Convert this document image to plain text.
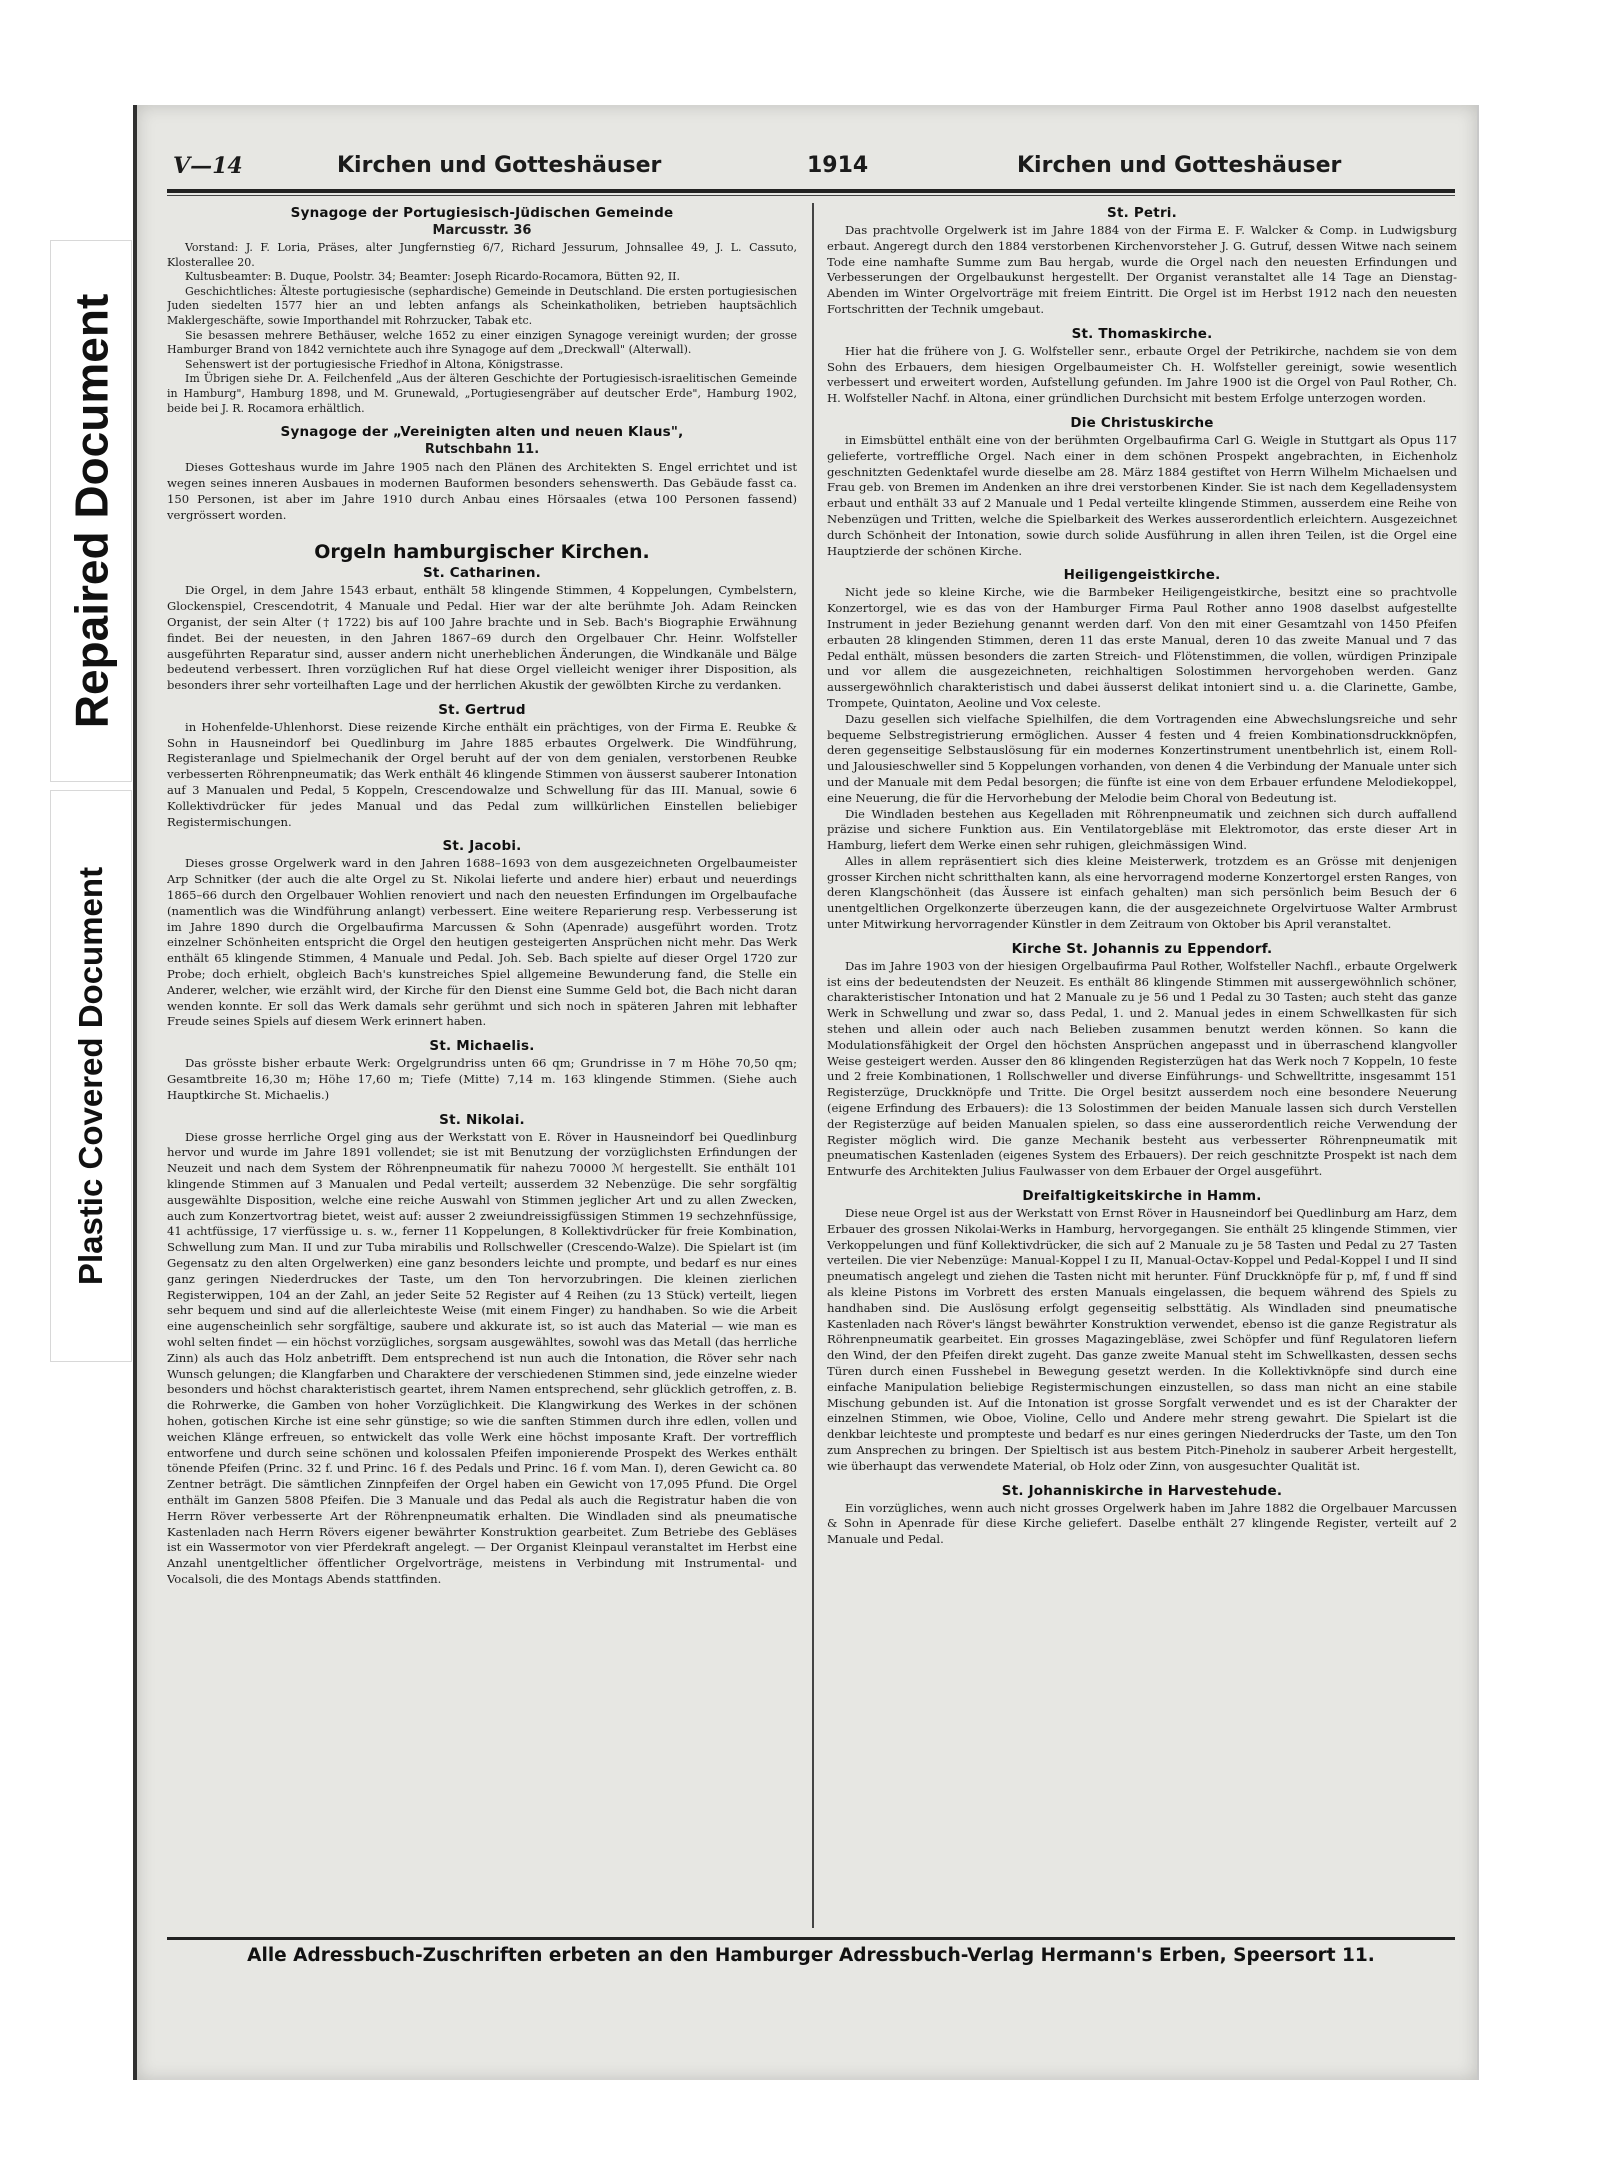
Repaired Document
Plastic Covered Document
V—14	Kirchen und Gotteshäuser	1914	Kirchen und Gotteshäuser
Synagoge der Portugiesisch-Jüdischen Gemeinde
Marcusstr. 36

Vorstand: J. F. Loria, Präses, alter Jungfernstieg 6/7, Richard Jessurum, Johnsallee 49, J. L. Cassuto, Klosterallee 20.

Kultusbeamter: B. Duque, Poolstr. 34; Beamter: Joseph Ricardo-Rocamora, Bütten 92, II.

Geschichtliches: Älteste portugiesische (sephardische) Gemeinde in Deutschland. Die ersten portugiesischen Juden siedelten 1577 hier an und lebten anfangs als Scheinkatholiken, betrieben hauptsächlich Maklergeschäfte, sowie Importhandel mit Rohrzucker, Tabak etc.

Sie besassen mehrere Bethäuser, welche 1652 zu einer einzigen Synagoge vereinigt wurden; der grosse Hamburger Brand von 1842 vernichtete auch ihre Synagoge auf dem „Dreckwall" (Alterwall).

Sehenswert ist der portugiesische Friedhof in Altona, Königstrasse.

Im Übrigen siehe Dr. A. Feilchenfeld „Aus der älteren Geschichte der Portugiesisch-israelitischen Gemeinde in Hamburg", Hamburg 1898, und M. Grunewald, „Portugiesengräber auf deutscher Erde", Hamburg 1902, beide bei J. R. Rocamora erhältlich.

Synagoge der „Vereinigten alten und neuen Klaus",
Rutschbahn 11.

Dieses Gotteshaus wurde im Jahre 1905 nach den Plänen des Architekten S. Engel errichtet und ist wegen seines inneren Ausbaues in modernen Bauformen besonders sehenswerth. Das Gebäude fasst ca. 150 Personen, ist aber im Jahre 1910 durch Anbau eines Hörsaales (etwa 100 Personen fassend) vergrössert worden.

Orgeln hamburgischer Kirchen.
St. Catharinen.

Die Orgel, in dem Jahre 1543 erbaut, enthält 58 klingende Stimmen, 4 Koppelungen, Cymbelstern, Glockenspiel, Crescendotrit, 4 Manuale und Pedal. Hier war der alte berühmte Joh. Adam Reincken Organist, der sein Alter († 1722) bis auf 100 Jahre brachte und in Seb. Bach's Biographie Erwähnung findet. Bei der neuesten, in den Jahren 1867–69 durch den Orgelbauer Chr. Heinr. Wolfsteller ausgeführten Reparatur sind, ausser andern nicht unerheblichen Änderungen, die Windkanäle und Bälge bedeutend verbessert. Ihren vorzüglichen Ruf hat diese Orgel vielleicht weniger ihrer Disposition, als besonders ihrer sehr vorteilhaften Lage und der herrlichen Akustik der gewölbten Kirche zu verdanken.

St. Gertrud

in Hohenfelde-Uhlenhorst. Diese reizende Kirche enthält ein prächtiges, von der Firma E. Reubke & Sohn in Hausneindorf bei Quedlinburg im Jahre 1885 erbautes Orgelwerk. Die Windführung, Registeranlage und Spielmechanik der Orgel beruht auf der von dem genialen, verstorbenen Reubke verbesserten Röhrenpneumatik; das Werk enthält 46 klingende Stimmen von äusserst sauberer Intonation auf 3 Manualen und Pedal, 5 Koppeln, Crescendowalze und Schwellung für das III. Manual, sowie 6 Kollektivdrücker für jedes Manual und das Pedal zum willkürlichen Einstellen beliebiger Registermischungen.

St. Jacobi.

Dieses grosse Orgelwerk ward in den Jahren 1688–1693 von dem ausgezeichneten Orgelbaumeister Arp Schnitker (der auch die alte Orgel zu St. Nikolai lieferte und andere hier) erbaut und neuerdings 1865–66 durch den Orgelbauer Wohlien renoviert und nach den neuesten Erfindungen im Orgelbaufache (namentlich was die Windführung anlangt) verbessert. Eine weitere Reparierung resp. Verbesserung ist im Jahre 1890 durch die Orgelbaufirma Marcussen & Sohn (Apenrade) ausgeführt worden. Trotz einzelner Schönheiten entspricht die Orgel den heutigen gesteigerten Ansprüchen nicht mehr. Das Werk enthält 65 klingende Stimmen, 4 Manuale und Pedal. Joh. Seb. Bach spielte auf dieser Orgel 1720 zur Probe; doch erhielt, obgleich Bach's kunstreiches Spiel allgemeine Bewunderung fand, die Stelle ein Anderer, welcher, wie erzählt wird, der Kirche für den Dienst eine Summe Geld bot, die Bach nicht daran wenden konnte. Er soll das Werk damals sehr gerühmt und sich noch in späteren Jahren mit lebhafter Freude seines Spiels auf diesem Werk erinnert haben.

St. Michaelis.

Das grösste bisher erbaute Werk: Orgelgrundriss unten 66 qm; Grundrisse in 7 m Höhe 70,50 qm; Gesamtbreite 16,30 m; Höhe 17,60 m; Tiefe (Mitte) 7,14 m. 163 klingende Stimmen. (Siehe auch Hauptkirche St. Michaelis.)

St. Nikolai.

Diese grosse herrliche Orgel ging aus der Werkstatt von E. Röver in Hausneindorf bei Quedlinburg hervor und wurde im Jahre 1891 vollendet; sie ist mit Benutzung der vorzüglichsten Erfindungen der Neuzeit und nach dem System der Röhrenpneumatik für nahezu 70000 ℳ hergestellt. Sie enthält 101 klingende Stimmen auf 3 Manualen und Pedal verteilt; ausserdem 32 Nebenzüge. Die sehr sorgfältig ausgewählte Disposition, welche eine reiche Auswahl von Stimmen jeglicher Art und zu allen Zwecken, auch zum Konzertvortrag bietet, weist auf: ausser 2 zweiundreissigfüssigen Stimmen 19 sechzehnfüssige, 41 achtfüssige, 17 vierfüssige u. s. w., ferner 11 Koppelungen, 8 Kollektivdrücker für freie Kombination, Schwellung zum Man. II und zur Tuba mirabilis und Rollschweller (Crescendo-Walze). Die Spielart ist (im Gegensatz zu den alten Orgelwerken) eine ganz besonders leichte und prompte, und bedarf es nur eines ganz geringen Niederdruckes der Taste, um den Ton hervorzubringen. Die kleinen zierlichen Registerwippen, 104 an der Zahl, an jeder Seite 52 Register auf 4 Reihen (zu 13 Stück) verteilt, liegen sehr bequem und sind auf die allerleichteste Weise (mit einem Finger) zu handhaben. So wie die Arbeit eine augenscheinlich sehr sorgfältige, saubere und akkurate ist, so ist auch das Material — wie man es wohl selten findet — ein höchst vorzügliches, sorgsam ausgewähltes, sowohl was das Metall (das herrliche Zinn) als auch das Holz anbetrifft. Dem entsprechend ist nun auch die Intonation, die Röver sehr nach Wunsch gelungen; die Klangfarben und Charaktere der verschiedenen Stimmen sind, jede einzelne wieder besonders und höchst charakteristisch geartet, ihrem Namen entsprechend, sehr glücklich getroffen, z. B. die Rohrwerke, die Gamben von hoher Vorzüglichkeit. Die Klangwirkung des Werkes in der schönen hohen, gotischen Kirche ist eine sehr günstige; so wie die sanften Stimmen durch ihre edlen, vollen und weichen Klänge erfreuen, so entwickelt das volle Werk eine höchst imposante Kraft. Der vortrefflich entworfene und durch seine schönen und kolossalen Pfeifen imponierende Prospekt des Werkes enthält tönende Pfeifen (Princ. 32 f. und Princ. 16 f. des Pedals und Princ. 16 f. vom Man. I), deren Gewicht ca. 80 Zentner beträgt. Die sämtlichen Zinnpfeifen der Orgel haben ein Gewicht von 17,095 Pfund. Die Orgel enthält im Ganzen 5808 Pfeifen. Die 3 Manuale und das Pedal als auch die Registratur haben die von Herrn Röver verbesserte Art der Röhrenpneumatik erhalten. Die Windladen sind als pneumatische Kastenladen nach Herrn Rövers eigener bewährter Konstruktion gearbeitet. Zum Betriebe des Gebläses ist ein Wassermotor von vier Pferdekraft angelegt. — Der Organist Kleinpaul veranstaltet im Herbst eine Anzahl unentgeltlicher öffentlicher Orgelvorträge, meistens in Verbindung mit Instrumental- und Vocalsoli, die des Montags Abends stattfinden.

St. Petri.

Das prachtvolle Orgelwerk ist im Jahre 1884 von der Firma E. F. Walcker & Comp. in Ludwigsburg erbaut. Angeregt durch den 1884 verstorbenen Kirchenvorsteher J. G. Gutruf, dessen Witwe nach seinem Tode eine namhafte Summe zum Bau hergab, wurde die Orgel nach den neuesten Erfindungen und Verbesserungen der Orgelbaukunst hergestellt. Der Organist veranstaltet alle 14 Tage an Dienstag-Abenden im Winter Orgelvorträge mit freiem Eintritt. Die Orgel ist im Herbst 1912 nach den neuesten Fortschritten der Technik umgebaut.

St. Thomaskirche.

Hier hat die frühere von J. G. Wolfsteller senr., erbaute Orgel der Petrikirche, nachdem sie von dem Sohn des Erbauers, dem hiesigen Orgelbaumeister Ch. H. Wolfsteller gereinigt, sowie wesentlich verbessert und erweitert worden, Aufstellung gefunden. Im Jahre 1900 ist die Orgel von Paul Rother, Ch. H. Wolfsteller Nachf. in Altona, einer gründlichen Durchsicht mit bestem Erfolge unterzogen worden.

Die Christuskirche

in Eimsbüttel enthält eine von der berühmten Orgelbaufirma Carl G. Weigle in Stuttgart als Opus 117 gelieferte, vortreffliche Orgel. Nach einer in dem schönen Prospekt angebrachten, in Eichenholz geschnitzten Gedenktafel wurde dieselbe am 28. März 1884 gestiftet von Herrn Wilhelm Michaelsen und Frau geb. von Bremen im Andenken an ihre drei verstorbenen Kinder. Sie ist nach dem Kegelladensystem erbaut und enthält 33 auf 2 Manuale und 1 Pedal verteilte klingende Stimmen, ausserdem eine Reihe von Nebenzügen und Tritten, welche die Spielbarkeit des Werkes ausserordentlich erleichtern. Ausgezeichnet durch Schönheit der Intonation, sowie durch solide Ausführung in allen ihren Teilen, ist die Orgel eine Hauptzierde der schönen Kirche.

Heiligengeistkirche.

Nicht jede so kleine Kirche, wie die Barmbeker Heiligengeistkirche, besitzt eine so prachtvolle Konzertorgel, wie es das von der Hamburger Firma Paul Rother anno 1908 daselbst aufgestellte Instrument in jeder Beziehung genannt werden darf. Von den mit einer Gesamtzahl von 1450 Pfeifen erbauten 28 klingenden Stimmen, deren 11 das erste Manual, deren 10 das zweite Manual und 7 das Pedal enthält, müssen besonders die zarten Streich- und Flötenstimmen, die vollen, würdigen Prinzipale und vor allem die ausgezeichneten, reichhaltigen Solostimmen hervorgehoben werden. Ganz aussergewöhnlich charakteristisch und dabei äusserst delikat intoniert sind u. a. die Clarinette, Gambe, Trompete, Quintaton, Aeoline und Vox celeste.

Dazu gesellen sich vielfache Spielhilfen, die dem Vortragenden eine Abwechslungsreiche und sehr bequeme Selbstregistrierung ermöglichen. Ausser 4 festen und 4 freien Kombinationsdruckknöpfen, deren gegenseitige Selbstauslösung für ein modernes Konzertinstrument unentbehrlich ist, einem Roll- und Jalousieschweller sind 5 Koppelungen vorhanden, von denen 4 die Verbindung der Manuale unter sich und der Manuale mit dem Pedal besorgen; die fünfte ist eine von dem Erbauer erfundene Melodiekoppel, eine Neuerung, die für die Hervorhebung der Melodie beim Choral von Bedeutung ist.

Die Windladen bestehen aus Kegelladen mit Röhrenpneumatik und zeichnen sich durch auffallend präzise und sichere Funktion aus. Ein Ventilatorgebläse mit Elektromotor, das erste dieser Art in Hamburg, liefert dem Werke einen sehr ruhigen, gleichmässigen Wind.

Alles in allem repräsentiert sich dies kleine Meisterwerk, trotzdem es an Grösse mit denjenigen grosser Kirchen nicht schritthalten kann, als eine hervorragend moderne Konzertorgel ersten Ranges, von deren Klangschönheit (das Äussere ist einfach gehalten) man sich persönlich beim Besuch der 6 unentgeltlichen Orgelkonzerte überzeugen kann, die der ausgezeichnete Orgelvirtuose Walter Armbrust unter Mitwirkung hervorragender Künstler in dem Zeitraum von Oktober bis April veranstaltet.

Kirche St. Johannis zu Eppendorf.

Das im Jahre 1903 von der hiesigen Orgelbaufirma Paul Rother, Wolfsteller Nachfl., erbaute Orgelwerk ist eins der bedeutendsten der Neuzeit. Es enthält 86 klingende Stimmen mit aussergewöhnlich schöner, charakteristischer Intonation und hat 2 Manuale zu je 56 und 1 Pedal zu 30 Tasten; auch steht das ganze Werk in Schwellung und zwar so, dass Pedal, 1. und 2. Manual jedes in einem Schwellkasten für sich stehen und allein oder auch nach Belieben zusammen benutzt werden können. So kann die Modulationsfähigkeit der Orgel den höchsten Ansprüchen angepasst und in überraschend klangvoller Weise gesteigert werden. Ausser den 86 klingenden Registerzügen hat das Werk noch 7 Koppeln, 10 feste und 2 freie Kombinationen, 1 Rollschweller und diverse Einführungs- und Schwelltritte, insgesammt 151 Registerzüge, Druckknöpfe und Tritte. Die Orgel besitzt ausserdem noch eine besondere Neuerung (eigene Erfindung des Erbauers): die 13 Solostimmen der beiden Manuale lassen sich durch Verstellen der Registerzüge auf beiden Manualen spielen, so dass eine ausserordentlich reiche Verwendung der Register möglich wird. Die ganze Mechanik besteht aus verbesserter Röhrenpneumatik mit pneumatischen Kastenladen (eigenes System des Erbauers). Der reich geschnitzte Prospekt ist nach dem Entwurfe des Architekten Julius Faulwasser von dem Erbauer der Orgel ausgeführt.

Dreifaltigkeitskirche in Hamm.

Diese neue Orgel ist aus der Werkstatt von Ernst Röver in Hausneindorf bei Quedlinburg am Harz, dem Erbauer des grossen Nikolai-Werks in Hamburg, hervorgegangen. Sie enthält 25 klingende Stimmen, vier Verkoppelungen und fünf Kollektivdrücker, die sich auf 2 Manuale zu je 58 Tasten und Pedal zu 27 Tasten verteilen. Die vier Nebenzüge: Manual-Koppel I zu II, Manual-Octav-Koppel und Pedal-Koppel I und II sind pneumatisch angelegt und ziehen die Tasten nicht mit herunter. Fünf Druckknöpfe für p, mf, f und ff sind als kleine Pistons im Vorbrett des ersten Manuals eingelassen, die bequem während des Spiels zu handhaben sind. Die Auslösung erfolgt gegenseitig selbsttätig. Als Windladen sind pneumatische Kastenladen nach Röver's längst bewährter Konstruktion verwendet, ebenso ist die ganze Registratur als Röhrenpneumatik gearbeitet. Ein grosses Magazingebläse, zwei Schöpfer und fünf Regulatoren liefern den Wind, der den Pfeifen direkt zugeht. Das ganze zweite Manual steht im Schwellkasten, dessen sechs Türen durch einen Fusshebel in Bewegung gesetzt werden. In die Kollektivknöpfe sind durch eine einfache Manipulation beliebige Registermischungen einzustellen, so dass man nicht an eine stabile Mischung gebunden ist. Auf die Intonation ist grosse Sorgfalt verwendet und es ist der Charakter der einzelnen Stimmen, wie Oboe, Violine, Cello und Andere mehr streng gewahrt. Die Spielart ist die denkbar leichteste und prompteste und bedarf es nur eines geringen Niederdrucks der Taste, um den Ton zum Ansprechen zu bringen. Der Spieltisch ist aus bestem Pitch-Pineholz in sauberer Arbeit hergestellt, wie überhaupt das verwendete Material, ob Holz oder Zinn, von ausgesuchter Qualität ist.

St. Johanniskirche in Harvestehude.

Ein vorzügliches, wenn auch nicht grosses Orgelwerk haben im Jahre 1882 die Orgelbauer Marcussen & Sohn in Apenrade für diese Kirche geliefert. Daselbe enthält 27 klingende Register, verteilt auf 2 Manuale und Pedal.

Alle Adressbuch-Zuschriften erbeten an den Hamburger Adressbuch-Verlag Hermann's Erben, Speersort 11.
